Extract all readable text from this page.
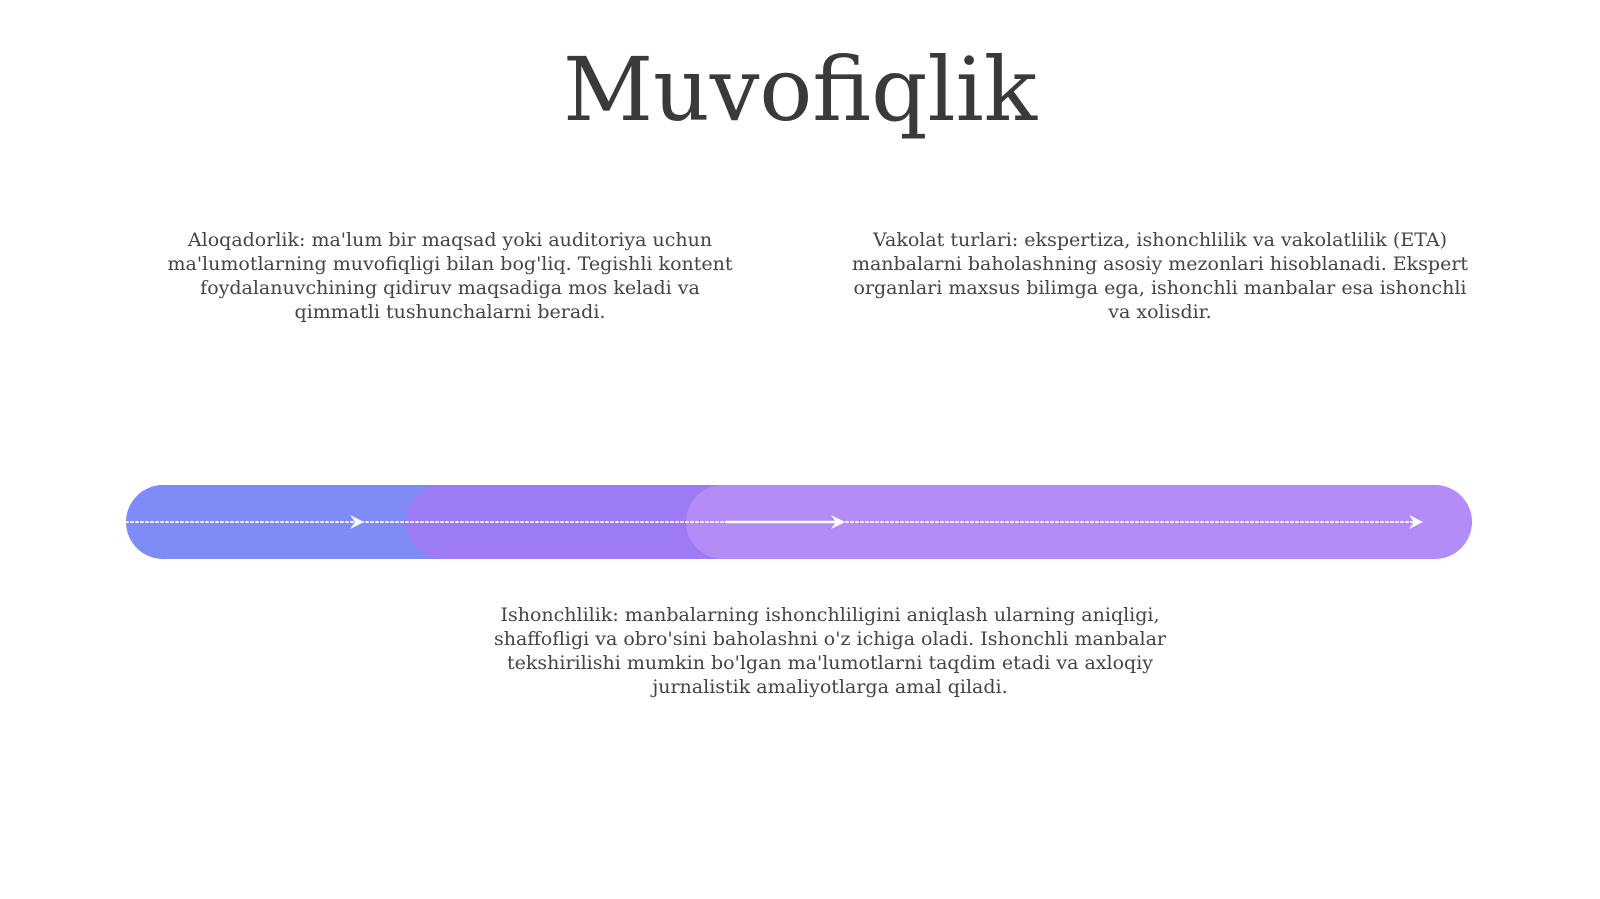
Muvofiqlik

Aloqadorlik: ma'lum bir maqsad yoki auditoriya uchun ma'lumotlarning muvofiqligi bilan bog'liq. Tegishli kontent foydalanuvchining qidiruv maqsadiga mos keladi va qimmatli tushunchalarni beradi.

Vakolat turlari: ekspertiza, ishonchlilik va vakolatlilik (ETA) manbalarni baholashning asosiy mezonlari hisoblanadi. Ekspert organlari maxsus bilimga ega, ishonchli manbalar esa ishonchli va xolisdir.

Ishonchlilik: manbalarning ishonchliligini aniqlash ularning aniqligi, shaffofligi va obro'sini baholashni o'z ichiga oladi. Ishonchli manbalar tekshirilishi mumkin bo'lgan ma'lumotlarni taqdim etadi va axloqiy jurnalistik amaliyotlarga amal qiladi.
